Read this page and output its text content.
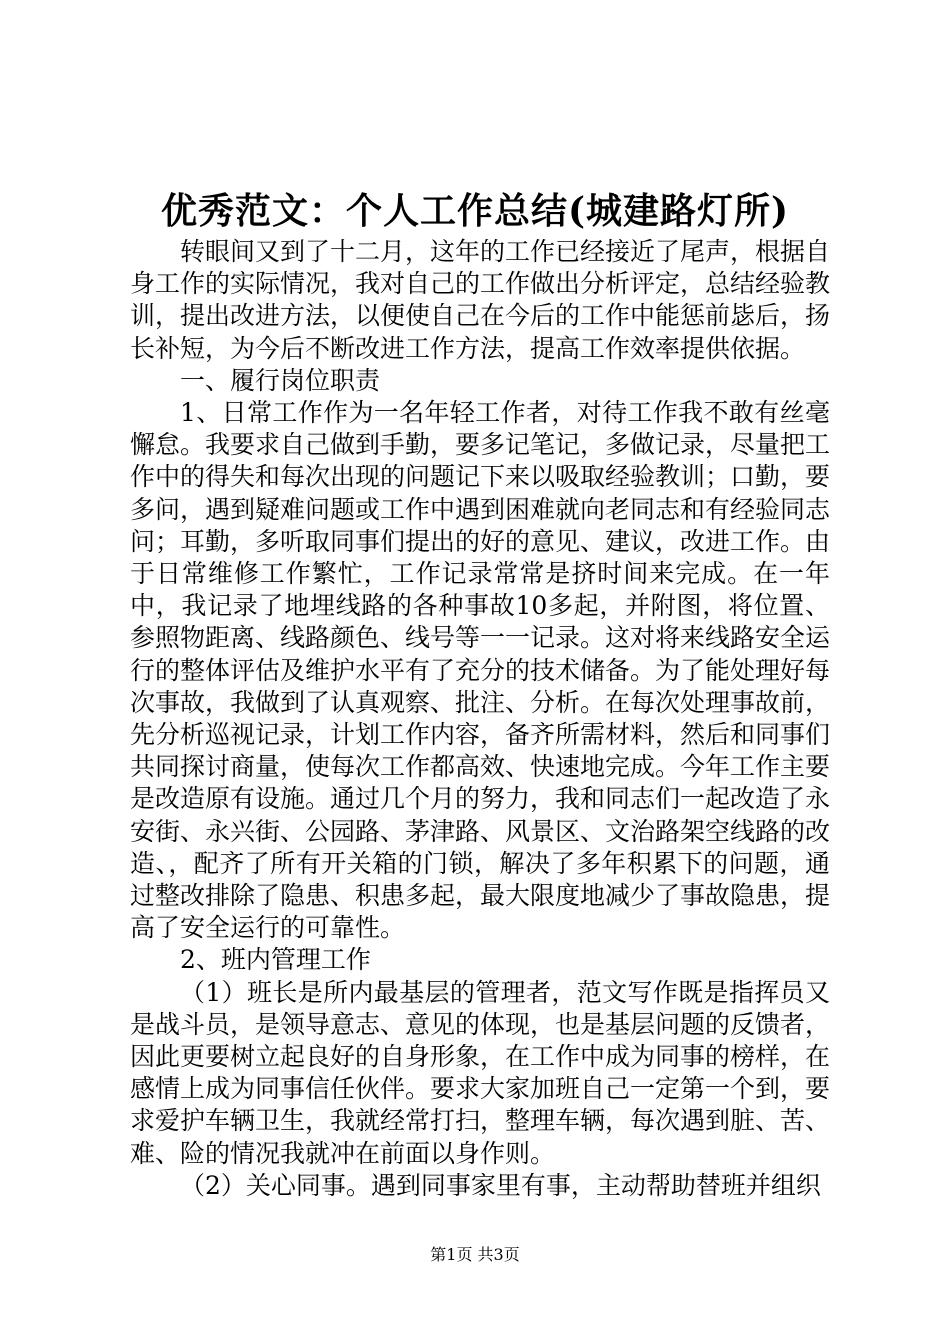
优秀范文：个人工作总结(城建路灯所)

转眼间又到了十二月，这年的工作已经接近了尾声，根据自身工作的实际情况，我对自己的工作做出分析评定，总结经验教训，提出改进方法，以便使自己在今后的工作中能惩前毖后，扬长补短，为今后不断改进工作方法，提高工作效率提供依据。

一、履行岗位职责

1、日常工作作为一名年轻工作者，对待工作我不敢有丝毫懈怠。我要求自己做到手勤，要多记笔记，多做记录，尽量把工作中的得失和每次出现的问题记下来以吸取经验教训；口勤，要多问，遇到疑难问题或工作中遇到困难就向老同志和有经验同志问；耳勤，多听取同事们提出的好的意见、建议，改进工作。由于日常维修工作繁忙，工作记录常常是挤时间来完成。在一年中，我记录了地埋线路的各种事故10多起，并附图，将位置、参照物距离、线路颜色、线号等一一记录。这对将来线路安全运行的整体评估及维护水平有了充分的技术储备。为了能处理好每次事故，我做到了认真观察、批注、分析。在每次处理事故前，先分析巡视记录，计划工作内容，备齐所需材料，然后和同事们共同探讨商量，使每次工作都高效、快速地完成。今年工作主要是改造原有设施。通过几个月的努力，我和同志们一起改造了永安街、永兴街、公园路、茅津路、风景区、文治路架空线路的改造、，配齐了所有开关箱的门锁，解决了多年积累下的问题，通过整改排除了隐患、积患多起，最大限度地减少了事故隐患，提高了安全运行的可靠性。

2、班内管理工作

（1）班长是所内最基层的管理者，范文写作既是指挥员又是战斗员，是领导意志、意见的体现，也是基层问题的反馈者，因此更要树立起良好的自身形象，在工作中成为同事的榜样，在感情上成为同事信任伙伴。要求大家加班自己一定第一个到，要求爱护车辆卫生，我就经常打扫，整理车辆，每次遇到脏、苦、难、险的情况我就冲在前面以身作则。

（2）关心同事。遇到同事家里有事，主动帮助替班并组织

第1页 共3页
